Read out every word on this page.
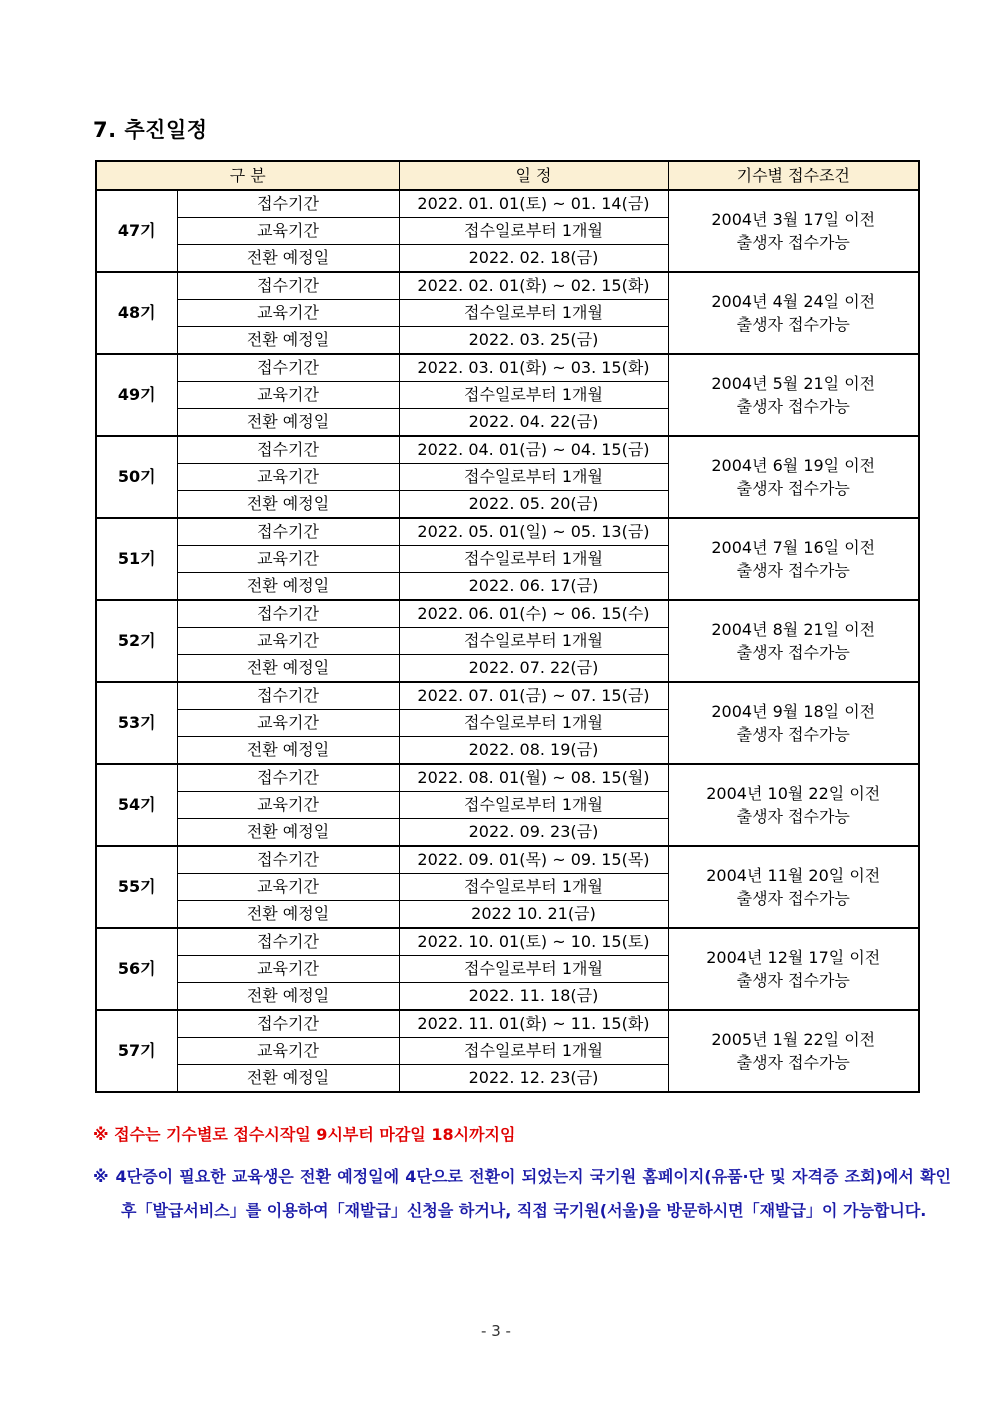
7. 추진일정
구 분		일 정	기수별 접수조건
47기	접수기간	2022. 01. 01(토) ~ 01. 14(금)	2004년 3월 17일 이전
출생자 접수가능

	교육기간	접수일로부터 1개월	
	전환 예정일	2022. 02. 18(금)	
48기	접수기간	2022. 02. 01(화) ~ 02. 15(화)	2004년 4월 24일 이전
출생자 접수가능

	교육기간	접수일로부터 1개월	
	전환 예정일	2022. 03. 25(금)	
49기	접수기간	2022. 03. 01(화) ~ 03. 15(화)	2004년 5월 21일 이전
출생자 접수가능

	교육기간	접수일로부터 1개월	
	전환 예정일	2022. 04. 22(금)	
50기	접수기간	2022. 04. 01(금) ~ 04. 15(금)	2004년 6월 19일 이전
출생자 접수가능

	교육기간	접수일로부터 1개월	
	전환 예정일	2022. 05. 20(금)	
51기	접수기간	2022. 05. 01(일) ~ 05. 13(금)	2004년 7월 16일 이전
출생자 접수가능

	교육기간	접수일로부터 1개월	
	전환 예정일	2022. 06. 17(금)	
52기	접수기간	2022. 06. 01(수) ~ 06. 15(수)	2004년 8월 21일 이전
출생자 접수가능

	교육기간	접수일로부터 1개월	
	전환 예정일	2022. 07. 22(금)	
53기	접수기간	2022. 07. 01(금) ~ 07. 15(금)	2004년 9월 18일 이전
출생자 접수가능

	교육기간	접수일로부터 1개월	
	전환 예정일	2022. 08. 19(금)	
54기	접수기간	2022. 08. 01(월) ~ 08. 15(월)	2004년 10월 22일 이전
출생자 접수가능

	교육기간	접수일로부터 1개월	
	전환 예정일	2022. 09. 23(금)	
55기	접수기간	2022. 09. 01(목) ~ 09. 15(목)	2004년 11월 20일 이전
출생자 접수가능

	교육기간	접수일로부터 1개월	
	전환 예정일	2022 10. 21(금)	
56기	접수기간	2022. 10. 01(토) ~ 10. 15(토)	2004년 12월 17일 이전
출생자 접수가능

	교육기간	접수일로부터 1개월	
	전환 예정일	2022. 11. 18(금)	
57기	접수기간	2022. 11. 01(화) ~ 11. 15(화)	2005년 1월 22일 이전
출생자 접수가능

	교육기간	접수일로부터 1개월	
	전환 예정일	2022. 12. 23(금)	

※ 접수는 기수별로 접수시작일 9시부터 마감일 18시까지임

※ 4단증이 필요한 교육생은 전환 예정일에 4단으로 전환이 되었는지 국기원 홈페이지(유품·단 및 자격증 조회)에서 확인 후「발급서비스」를 이용하여「재발급」신청을 하거나, 직접 국기원(서울)을 방문하시면「재발급」이 가능합니다.

- 3 -
